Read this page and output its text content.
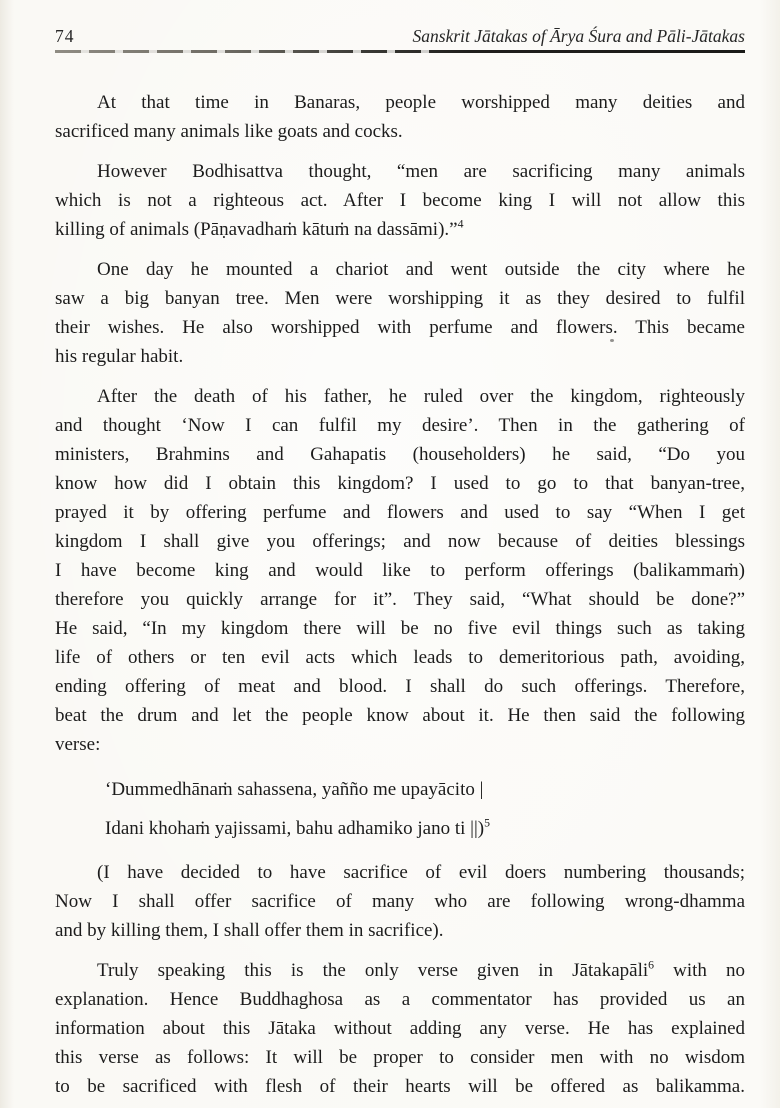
74	Sanskrit Jātakas of Ārya Śura and Pāli-Jātakas
At that time in Banaras, people worshipped many deities and
sacrificed many animals like goats and cocks.
However Bodhisattva thought, “men are sacrificing many animals
which is not a righteous act. After I become king I will not allow this
killing of animals (Pāṇavadhaṁ kātuṁ na dassāmi).”$^4$
One day he mounted a chariot and went outside the city where he
saw a big banyan tree. Men were worshipping it as they desired to fulfil
their wishes. He also worshipped with perfume and flowers. This became
his regular habit.
After the death of his father, he ruled over the kingdom, righteously
and thought ‘Now I can fulfil my desire’. Then in the gathering of
ministers, Brahmins and Gahapatis (householders) he said, “Do you
know how did I obtain this kingdom? I used to go to that banyan-tree,
prayed it by offering perfume and flowers and used to say “When I get
kingdom I shall give you offerings; and now because of deities blessings
I have become king and would like to perform offerings (balikammaṁ)
therefore you quickly arrange for it”. They said, “What should be done?”
He said, “In my kingdom there will be no five evil things such as taking
life of others or ten evil acts which leads to demeritorious path, avoiding,
ending offering of meat and blood. I shall do such offerings. Therefore,
beat the drum and let the people know about it. He then said the following
verse:
‘Dummedhānaṁ sahassena, yañño me upayācito |
Idani khohaṁ yajissami, bahu adhamiko jano ti ||)$^5$
(I have decided to have sacrifice of evil doers numbering thousands;
Now I shall offer sacrifice of many who are following wrong-dhamma
and by killing them, I shall offer them in sacrifice).
Truly speaking this is the only verse given in Jātakapāli$^6$ with no
explanation. Hence Buddhaghosa as a commentator has provided us an
information about this Jātaka without adding any verse. He has explained
this verse as follows: It will be proper to consider men with no wisdom
to be sacrificed with flesh of their hearts will be offered as balikamma.
